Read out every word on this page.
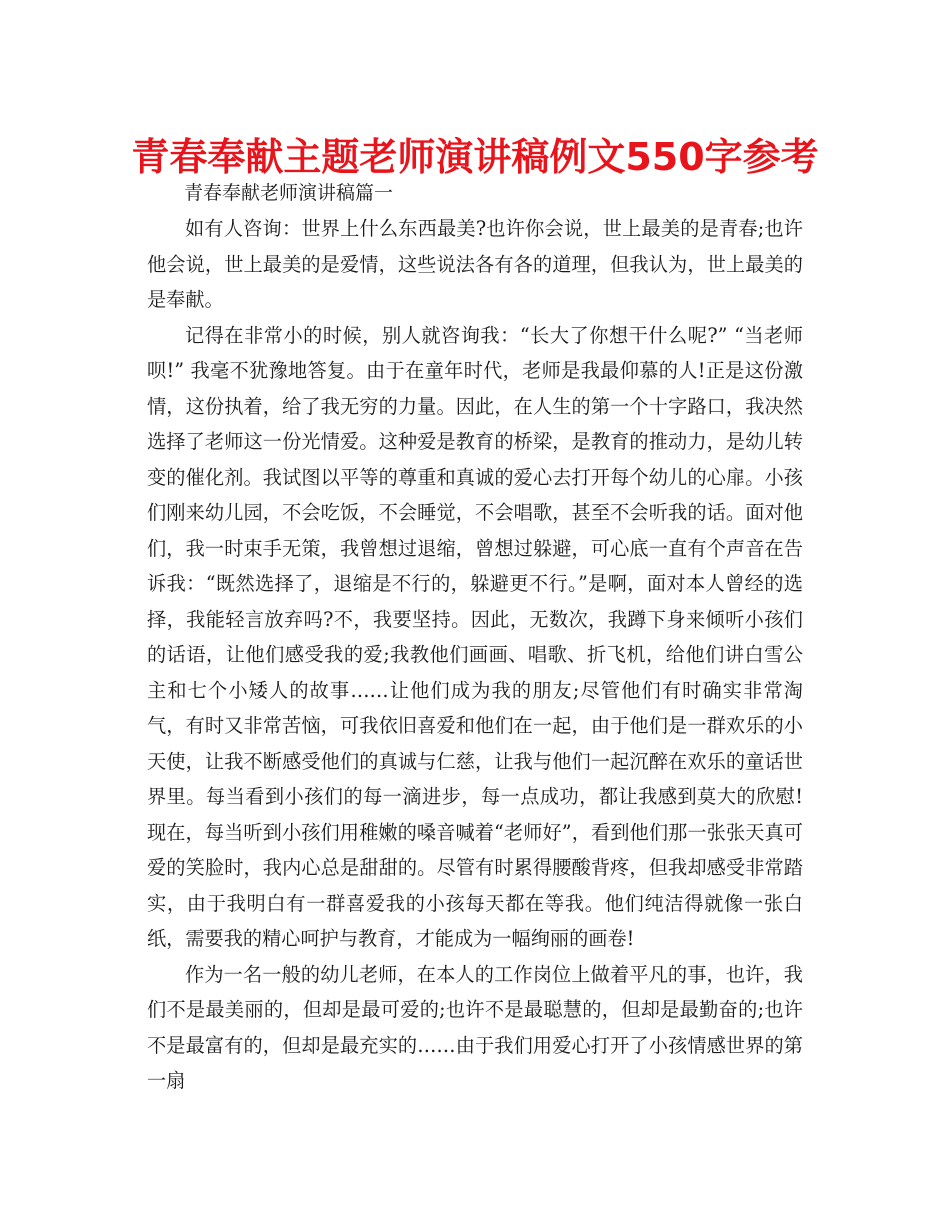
青春奉献主题老师演讲稿例文550字参考
青春奉献老师演讲稿篇一

如有人咨询：世界上什么东西最美?也许你会说，世上最美的是青春;也许他会说，世上最美的是爱情，这些说法各有各的道理，但我认为，世上最美的是奉献。

记得在非常小的时候，别人就咨询我：“长大了你想干什么呢?” “当老师呗!” 我毫不犹豫地答复。由于在童年时代，老师是我最仰慕的人!正是这份激情，这份执着，给了我无穷的力量。因此，在人生的第一个十字路口，我决然选择了老师这一份光情爱。这种爱是教育的桥梁，是教育的推动力，是幼儿转变的催化剂。我试图以平等的尊重和真诚的爱心去打开每个幼儿的心扉。小孩们刚来幼儿园，不会吃饭，不会睡觉，不会唱歌，甚至不会听我的话。面对他们，我一时束手无策，我曾想过退缩，曾想过躲避，可心底一直有个声音在告诉我：“既然选择了，退缩是不行的，躲避更不行。”是啊，面对本人曾经的选择，我能轻言放弃吗?不，我要坚持。因此，无数次，我蹲下身来倾听小孩们的话语，让他们感受我的爱;我教他们画画、唱歌、折飞机，给他们讲白雪公主和七个小矮人的故事……让他们成为我的朋友;尽管他们有时确实非常淘气，有时又非常苦恼，可我依旧喜爱和他们在一起，由于他们是一群欢乐的小天使，让我不断感受他们的真诚与仁慈，让我与他们一起沉醉在欢乐的童话世界里。每当看到小孩们的每一滴进步，每一点成功，都让我感到莫大的欣慰!现在，每当听到小孩们用稚嫩的嗓音喊着“老师好”，看到他们那一张张天真可爱的笑脸时，我内心总是甜甜的。尽管有时累得腰酸背疼，但我却感受非常踏实，由于我明白有一群喜爱我的小孩每天都在等我。他们纯洁得就像一张白纸，需要我的精心呵护与教育，才能成为一幅绚丽的画卷!

作为一名一般的幼儿老师，在本人的工作岗位上做着平凡的事，也许，我们不是最美丽的，但却是最可爱的;也许不是最聪慧的，但却是最勤奋的;也许不是最富有的，但却是最充实的……由于我们用爱心打开了小孩情感世界的第一扇
